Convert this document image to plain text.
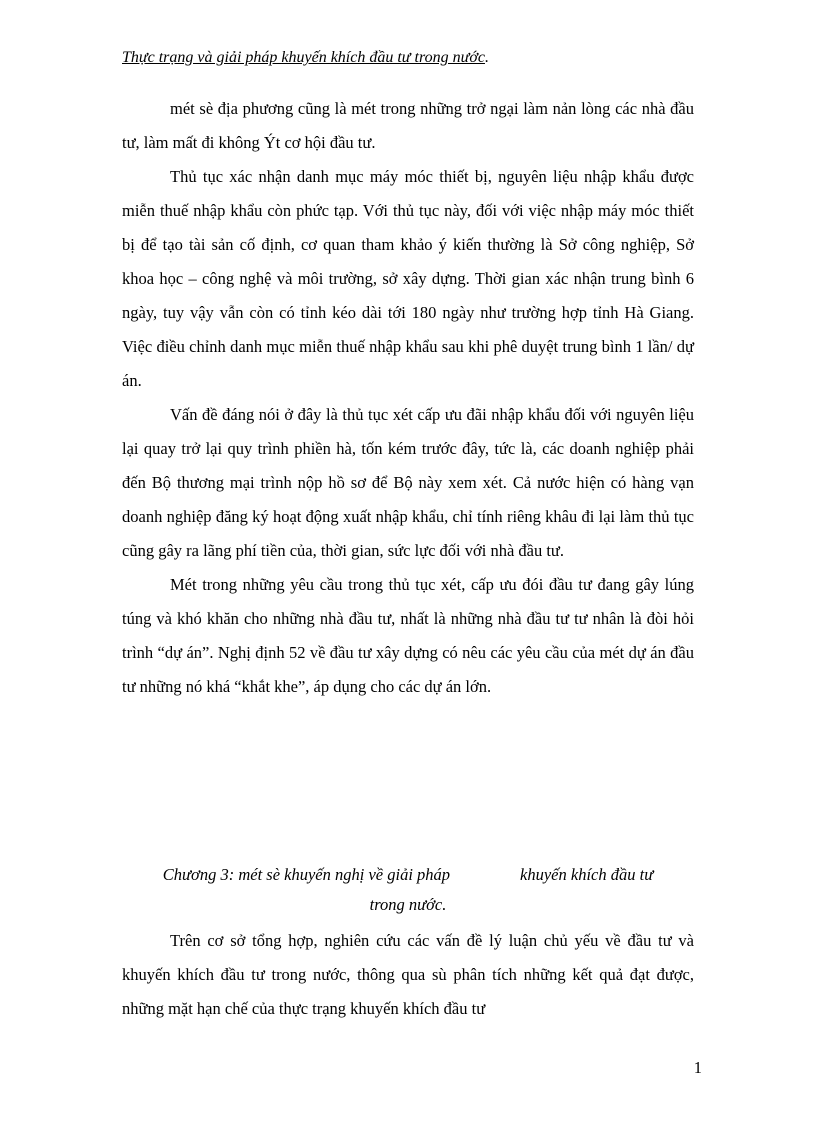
Thực trạng và giải pháp khuyến khích đầu tư trong nước.

mét sè địa phương cũng là mét trong những trở ngại làm nản lòng các nhà đầu tư, làm mất đi không Ýt cơ hội đầu tư.

Thủ tục xác nhận danh mục máy móc thiết bị, nguyên liệu nhập khẩu được miễn thuế nhập khẩu còn phức tạp. Với thủ tục này, đối với việc nhập máy móc thiết bị để tạo tài sản cố định, cơ quan tham khảo ý kiến thường là Sở công nghiệp, Sở khoa học – công nghệ và môi trường, sở xây dựng. Thời gian xác nhận trung bình 6 ngày, tuy vậy vẫn còn có tỉnh kéo dài tới 180 ngày như trường hợp tỉnh Hà Giang. Việc điều chỉnh danh mục miễn thuế nhập khẩu sau khi phê duyệt trung bình 1 lần/ dự án.

Vấn đề đáng nói ở đây là thủ tục xét cấp ưu đãi nhập khẩu đối với nguyên liệu lại quay trở lại quy trình phiền hà, tốn kém trước đây, tức là, các doanh nghiệp phải đến Bộ thương mại trình nộp hồ sơ để Bộ này xem xét. Cả nước hiện có hàng vạn doanh nghiệp đăng ký hoạt động xuất nhập khẩu, chỉ tính riêng khâu đi lại làm thủ tục cũng gây ra lãng phí tiền của, thời gian, sức lực đối với nhà đầu tư.

Mét trong những yêu cầu trong thủ tục xét, cấp ưu đói đầu tư đang gây lúng túng và khó khăn cho những nhà đầu tư, nhất là những nhà đầu tư tư nhân là đòi hỏi trình “dự án”. Nghị định 52 về đầu tư xây dựng có nêu các yêu cầu của mét dự án đầu tư những nó khá “khắt khe”, áp dụng cho các dự án lớn.

Chương 3: mét sè khuyến nghị về giải pháp	khuyến khích đầu tư
trong nước.

Trên cơ sở tổng hợp, nghiên cứu các vấn đề lý luận chủ yếu về đầu tư và khuyến khích đầu tư trong nước, thông qua sù phân tích những kết quả đạt được, những mặt hạn chế của thực trạng khuyến khích đầu tư

1
